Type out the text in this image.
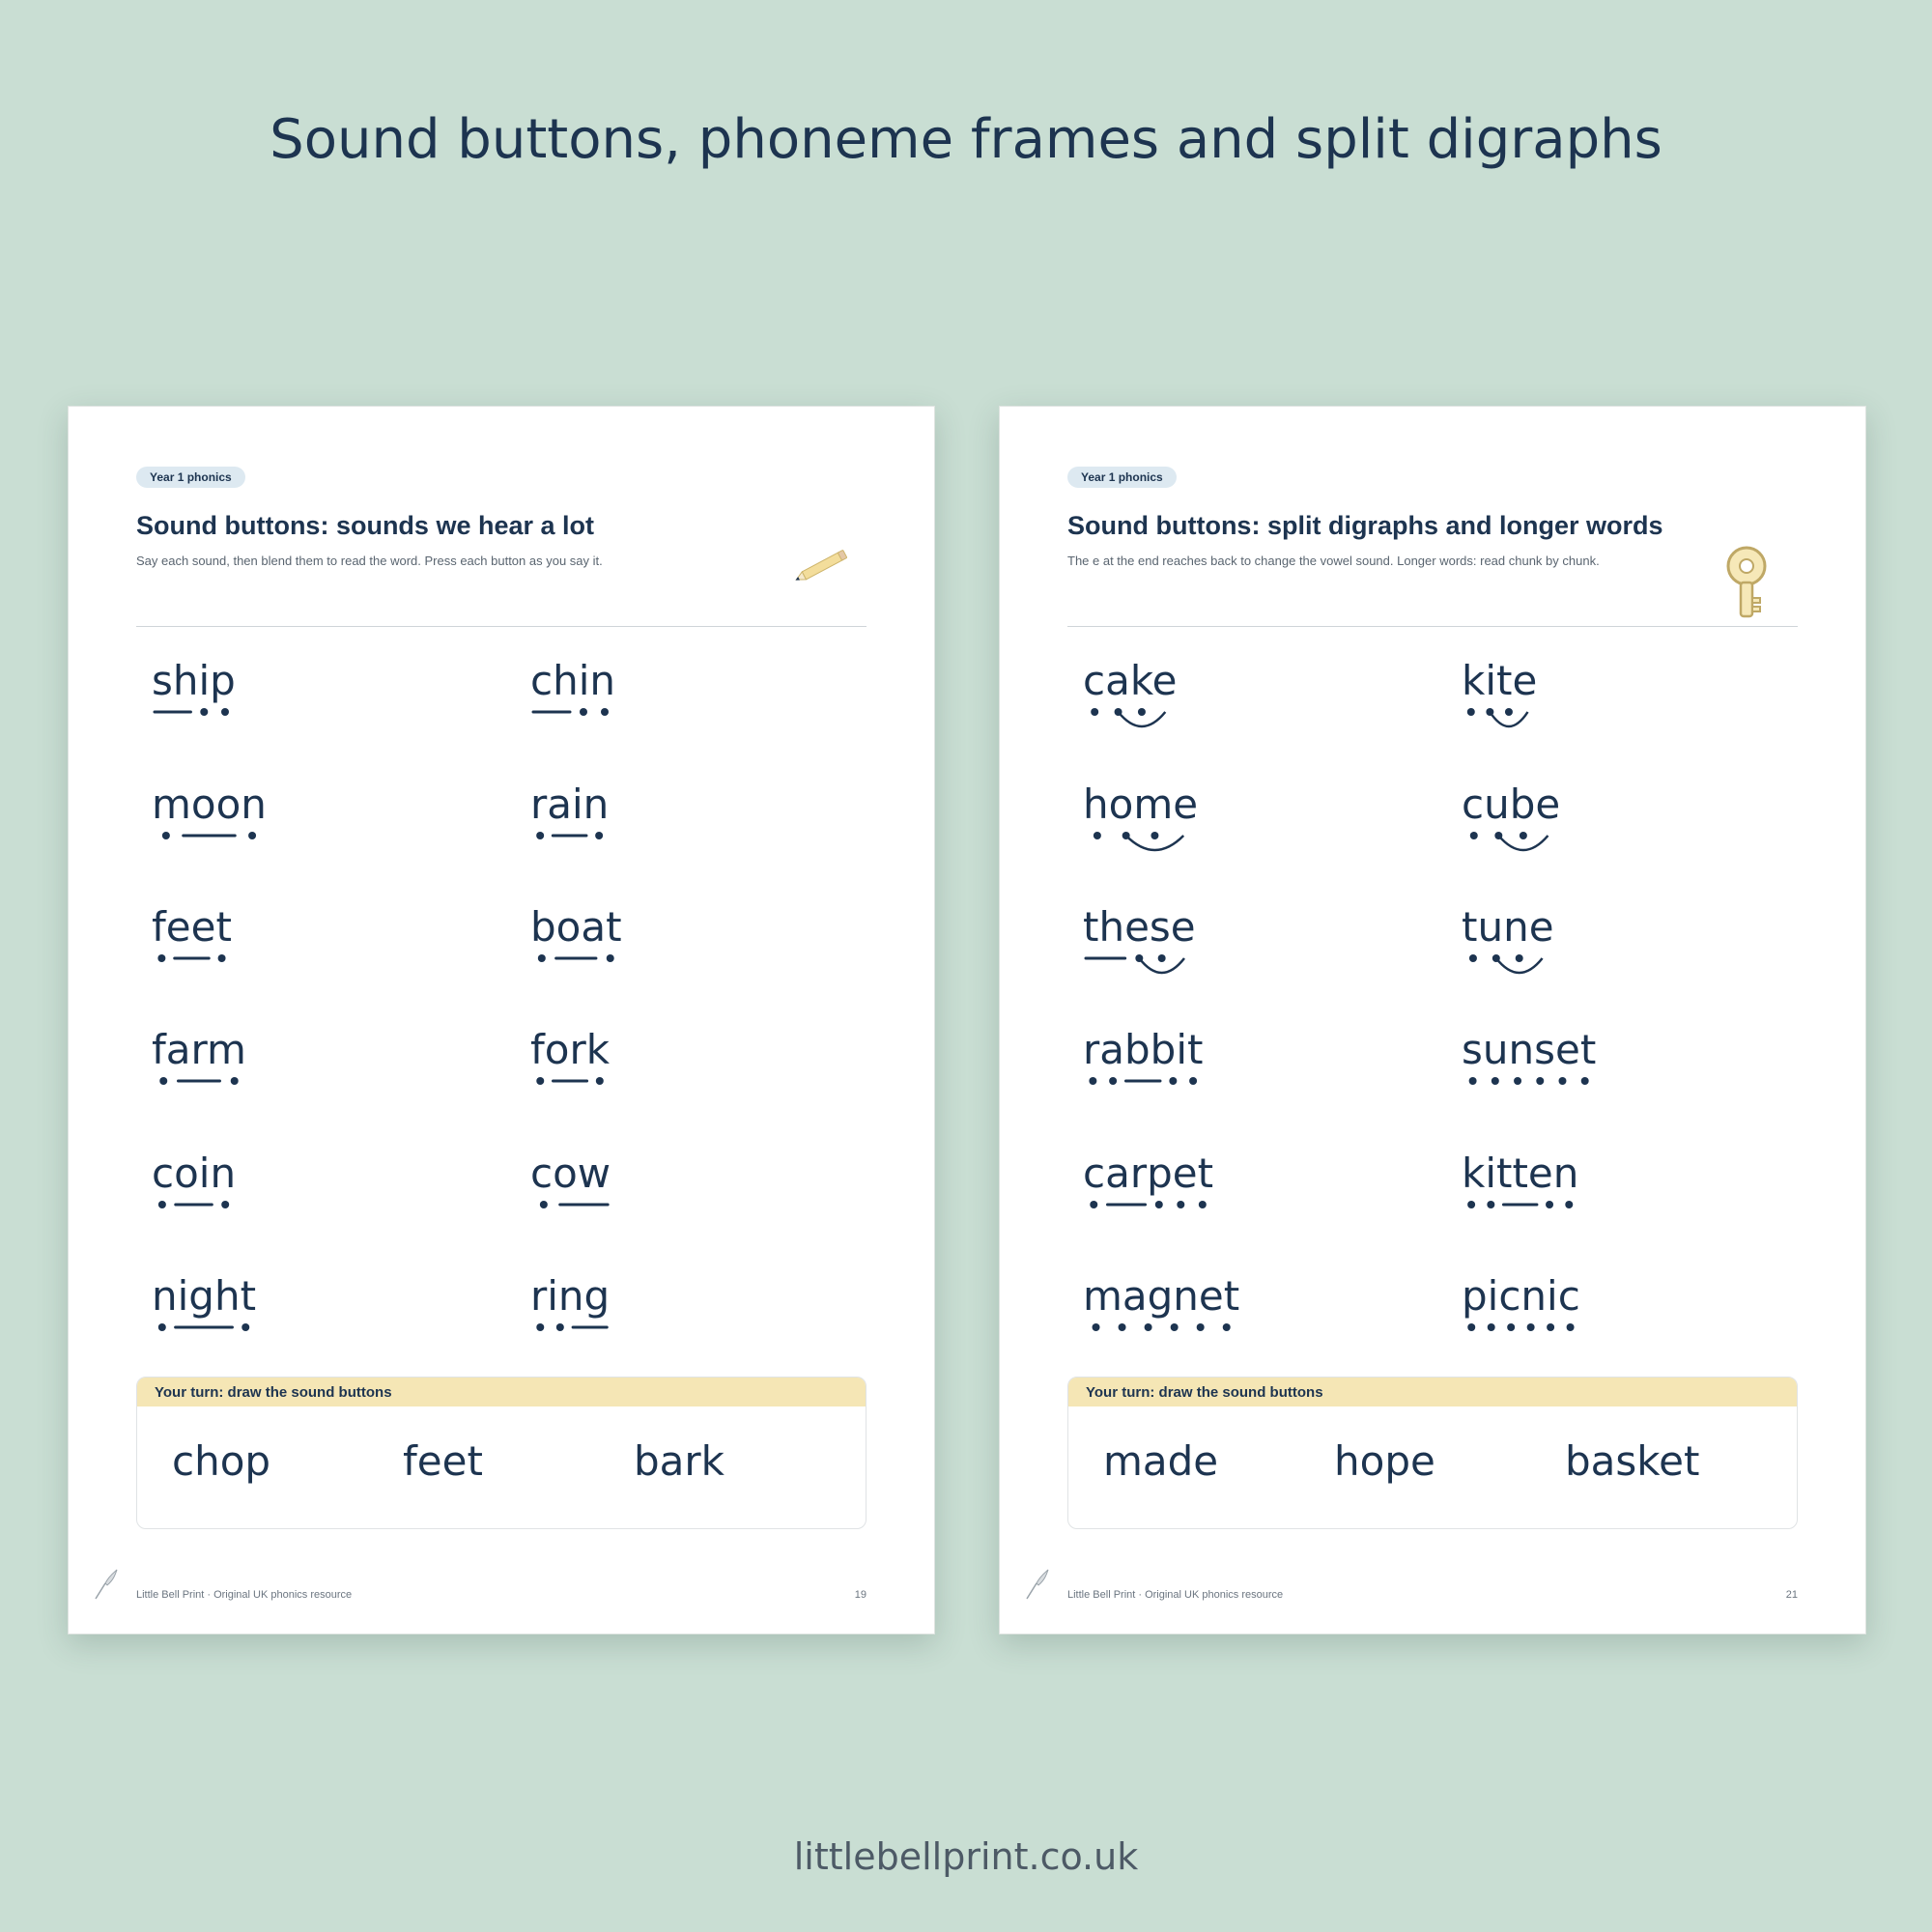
Sound buttons, phoneme frames and split digraphs
Year 1 phonics
Sound buttons: sounds we hear a lot
Say each sound, then blend them to read the word. Press each button as you say it.
ship	chin
moon	rain
feet	boat
farm	fork
coin	cow
night	ring
Your turn: draw the sound buttons
chop	feet	bark
Little Bell Print · Original UK phonics resource	19
Year 1 phonics
Sound buttons: split digraphs and longer words
The e at the end reaches back to change the vowel sound. Longer words: read chunk by chunk.
cake	kite
home	cube
these	tune
rabbit	sunset
carpet	kitten
magnet	picnic
Your turn: draw the sound buttons
made	hope	basket
Little Bell Print · Original UK phonics resource	21
littlebellprint.co.uk
